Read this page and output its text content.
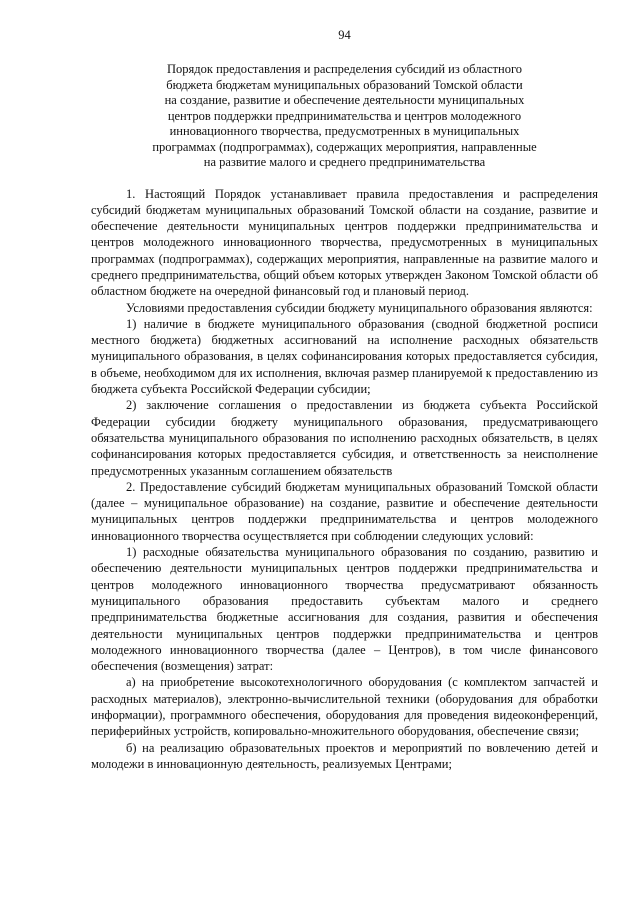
94
Порядок предоставления и распределения субсидий из областного
бюджета бюджетам муниципальных образований Томской области
на создание, развитие и обеспечение деятельности муниципальных
центров поддержки предпринимательства и центров молодежного
инновационного творчества, предусмотренных в муниципальных
программах (подпрограммах), содержащих мероприятия, направленные
на развитие малого и среднего предпринимательства

1. Настоящий Порядок устанавливает правила предоставления и распределения субсидий бюджетам муниципальных образований Томской области на создание, развитие и обеспечение деятельности муниципальных центров поддержки предпринимательства и центров молодежного инновационного творчества, предусмотренных в муниципальных программах (подпрограммах), содержащих мероприятия, направленные на развитие малого и среднего предпринимательства, общий объем которых утвержден Законом Томской области об областном бюджете на очередной финансовый год и плановый период.

Условиями предоставления субсидии бюджету муниципального образования являются:

1) наличие в бюджете муниципального образования (сводной бюджетной росписи местного бюджета) бюджетных ассигнований на исполнение расходных обязательств муниципального образования, в целях софинансирования которых предоставляется субсидия, в объеме, необходимом для их исполнения, включая размер планируемой к предоставлению из бюджета субъекта Российской Федерации субсидии;

2) заключение соглашения о предоставлении из бюджета субъекта Российской Федерации субсидии бюджету муниципального образования, предусматривающего обязательства муниципального образования по исполнению расходных обязательств, в целях софинансирования которых предоставляется субсидия, и ответственность за неисполнение предусмотренных указанным соглашением обязательств

2. Предоставление субсидий бюджетам муниципальных образований Томской области (далее – муниципальное образование) на создание, развитие и обеспечение деятельности муниципальных центров поддержки предпринимательства и центров молодежного инновационного творчества осуществляется при соблюдении следующих условий:

1) расходные обязательства муниципального образования по созданию, развитию и обеспечению деятельности муниципальных центров поддержки предпринимательства и центров молодежного инновационного творчества предусматривают обязанность муниципального образования предоставить субъектам малого и среднего предпринимательства бюджетные ассигнования для создания, развития и обеспечения деятельности муниципальных центров поддержки предпринимательства и центров молодежного инновационного творчества (далее – Центров), в том числе финансового обеспечения (возмещения) затрат:

а) на приобретение высокотехнологичного оборудования (с комплектом запчастей и расходных материалов), электронно-вычислительной техники (оборудования для обработки информации), программного обеспечения, оборудования для проведения видеоконференций, периферийных устройств, копировально-множительного оборудования, обеспечение связи;

б) на реализацию образовательных проектов и мероприятий по вовлечению детей и молодежи в инновационную деятельность, реализуемых Центрами;
